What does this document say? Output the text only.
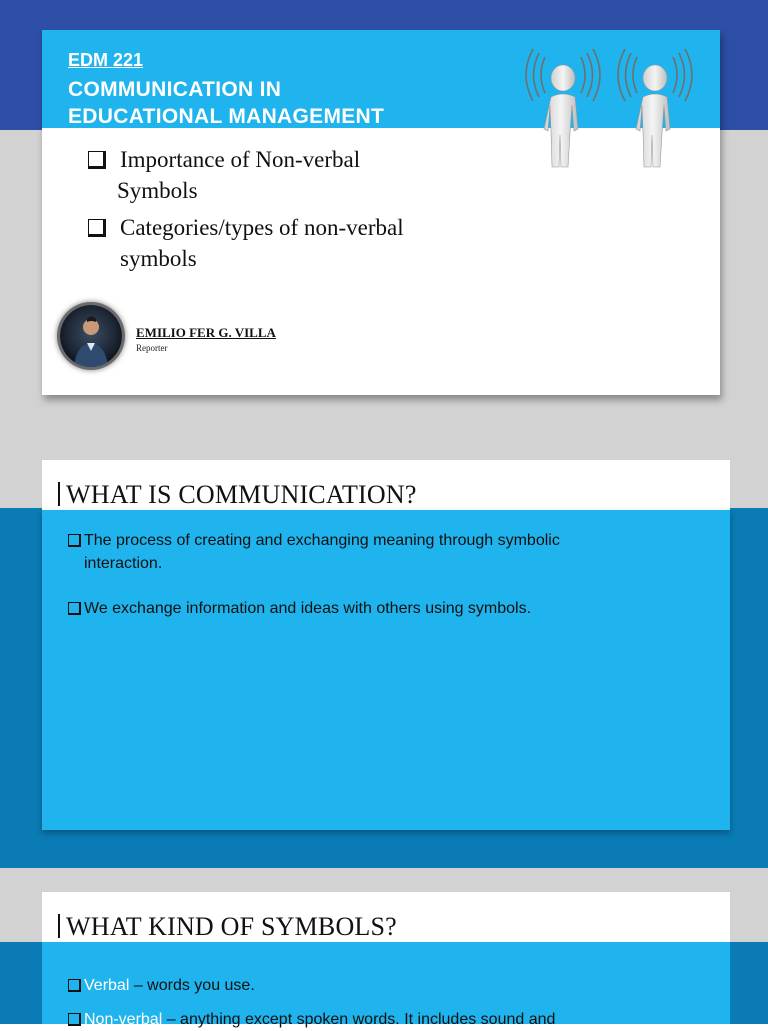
EDM 221

COMMUNICATION IN
EDUCATIONAL MANAGEMENT

Importance of Non-verbal
Symbols
Categories/types of non-verbal
symbols

EMILIO FER G. VILLA

Reporter

WHAT IS COMMUNICATION?

The process of creating and exchanging meaning through symbolic
interaction.

We exchange information and ideas with others using symbols.

WHAT KIND OF SYMBOLS?

Verbal – words you use.

Non-verbal – anything except spoken words. It includes sound and
